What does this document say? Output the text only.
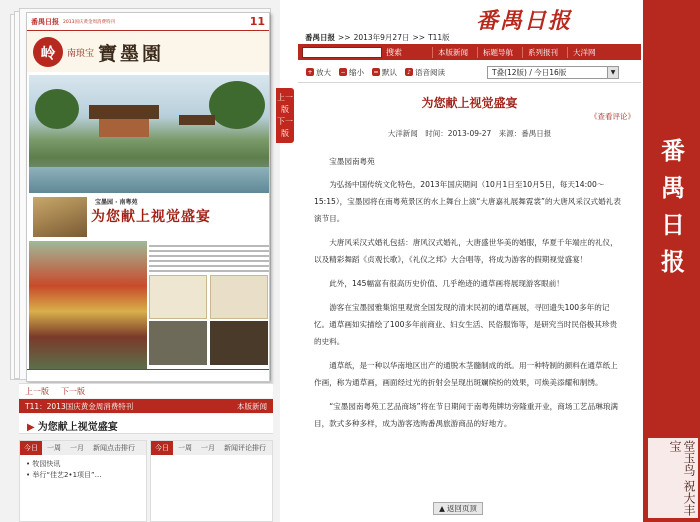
番禺日报 2013国庆黄金周消费特刊	11
岭	南琅宝 寶墨園
宝墨园 · 南粤苑
为您献上视觉盛宴
上一版 下一版
T11：2013国庆黄金周消费特刊	本版新闻
▶ 为您献上视觉盛宴
今日	一周	一月	新闻点击排行
• 牧园快讯
• 举行“佳艺2•1项目”…
今日	一周	一月	新闻评论排行
上一版
下一版
番禺日报
番禺日报 >> 2013年9月27日 >> T11版
搜索	本版新闻	标题导航	系列报刊	大洋网
+ 放大 − 缩小 = 默认	♪ 语音阅读	T叠(12版) / 今日16版	▼
为您献上视觉盛宴
《查看评论》
大洋新闻　时间：2013-09-27　来源：番禺日报

宝墨园南粤苑

为弘扬中国传统文化特色，2013年国庆期间（10月1日至10月5日，每天14:00～15:15），宝墨园将在南粤苑景区的水上舞台上演“大唐嘉礼展舞霓裳”的大唐风采汉式婚礼表演节目。

大唐风采汉式婚礼包括：唐风汉式婚礼，大唐盛世华美的婚服，华夏千年端庄的礼仪，以及精彩舞蹈《贞观长歌》，《礼仪之邦》大合唱等，将成为游客的假期视觉盛宴！

此外，145幅富有很高历史价值、几乎绝迹的通草画将展现游客眼前！

游客在宝墨园雅集馆里观赏全国发现的清末民初的通草画展，寻回遗失100多年的记忆。通草画如实描绘了100多年前商业、妇女生活、民俗服饰等，是研究当时民俗极其珍贵的史料。

通草纸，是一种以华南地区出产的通脱木茎髓制成的纸。用一种特制的颜料在通草纸上作画，称为通草画，画面经过光的折射会呈现出斑斓缤纷的效果，可焕美添耀和制绣。

“宝墨园南粤苑工艺品商场”将在节日期间于南粤苑牌坊旁隆重开业，商场工艺品琳琅满目，款式多种多样，成为游客选购番禺旅游商品的好地方。

▲ 返回页顶
番
禺
日
报
堂玉鸟 祝大丰宝
